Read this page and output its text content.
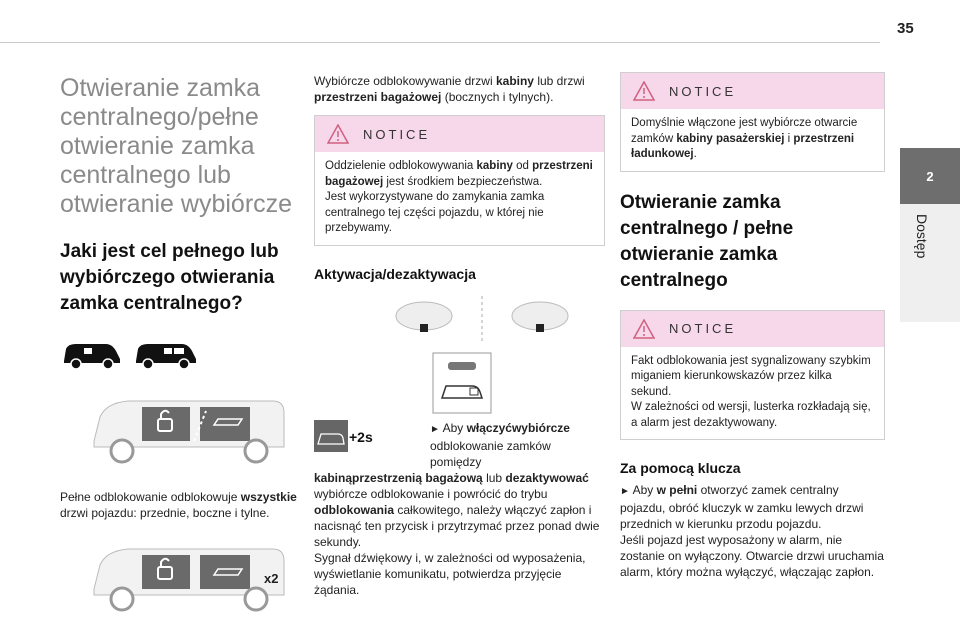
35
2
Dostęp
Otwieranie zamka centralnego/pełne otwieranie zamka centralnego lub otwieranie wybiórcze
Jaki jest cel pełnego lub wybiórczego otwierania zamka centralnego?

Pełne odblokowanie odblokowuje wszystkie drzwi pojazdu: przednie, boczne i tylne.

x2

Wybiórcze odblokowywanie drzwi kabiny lub drzwi przestrzeni bagażowej (bocznych i tylnych).

NOTICE

Oddzielenie odblokowywania kabiny od przestrzeni bagażowej jest środkiem bezpieczeństwa.
Jest wykorzystywane do zamykania zamka centralnego tej części pojazdu, w której nie przebywamy.

Aktywacja/dezaktywacja
+2s	► Aby włączyćwybiórcze odblokowanie zamków pomiędzy

kabinąprzestrzenią bagażową lub dezaktywować wybiórcze odblokowanie i powrócić do trybu odblokowania całkowitego, należy włączyć zapłon i nacisnąć ten przycisk i przytrzymać przez ponad dwie sekundy.
Sygnał dźwiękowy i, w zależności od wyposażenia, wyświetlanie komunikatu, potwierdza przyjęcie żądania.

NOTICE

Domyślnie włączone jest wybiórcze otwarcie zamków kabiny pasażerskiej i przestrzeni ładunkowej.

Otwieranie zamka centralnego / pełne otwieranie zamka centralnego
NOTICE

Fakt odblokowania jest sygnalizowany szybkim miganiem kierunkowskazów przez kilka sekund.
W zależności od wersji, lusterka rozkładają się, a alarm jest dezaktywowany.

Za pomocą klucza

► Aby w pełni otworzyć zamek centralny pojazdu, obróć kluczyk w zamku lewych drzwi przednich w kierunku przodu pojazdu.
Jeśli pojazd jest wyposażony w alarm, nie zostanie on wyłączony. Otwarcie drzwi uruchamia alarm, który można wyłączyć, włączając zapłon.
